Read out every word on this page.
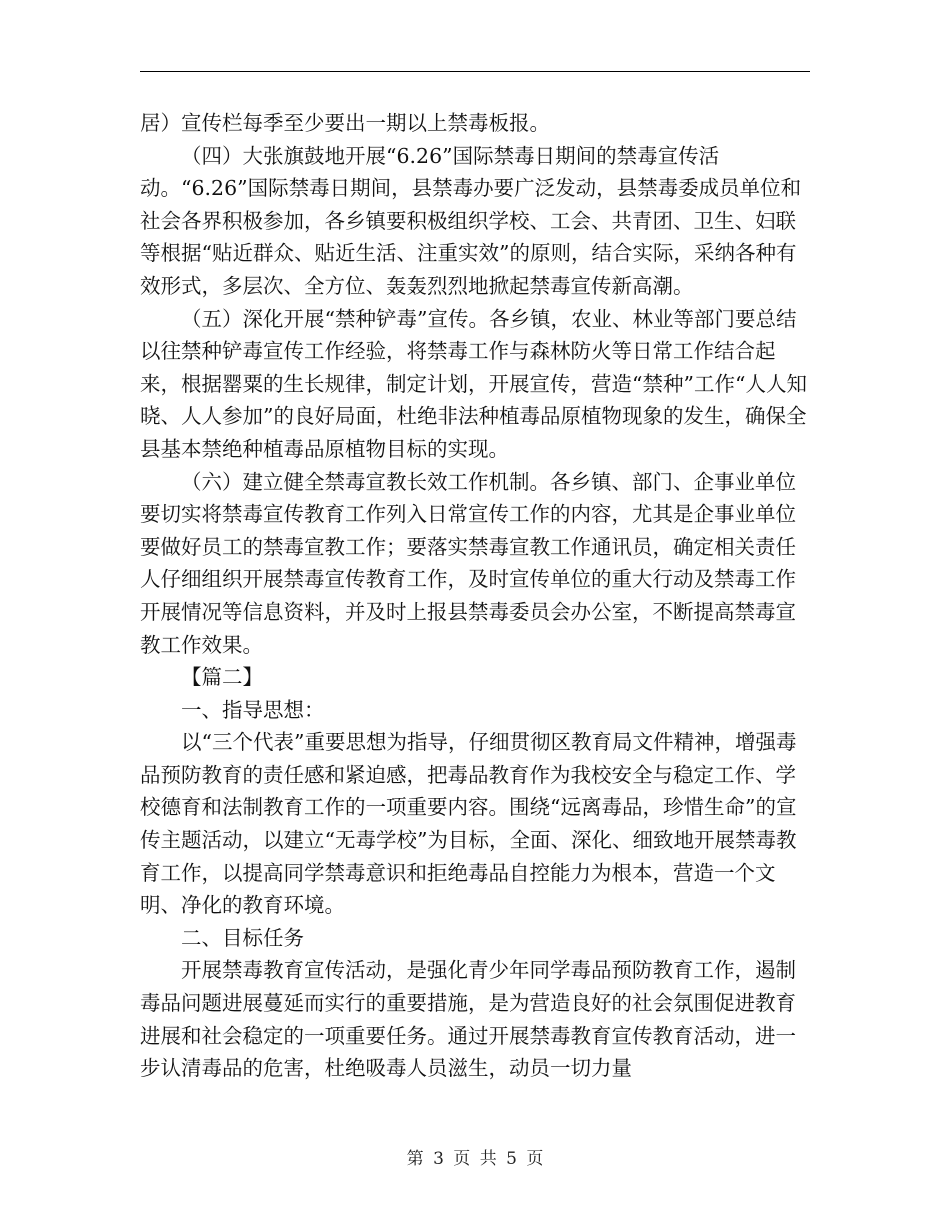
居）宣传栏每季至少要出一期以上禁毒板报。

（四）大张旗鼓地开展“6.26”国际禁毒日期间的禁毒宣传活动。“6.26”国际禁毒日期间，县禁毒办要广泛发动，县禁毒委成员单位和社会各界积极参加，各乡镇要积极组织学校、工会、共青团、卫生、妇联等根据“贴近群众、贴近生活、注重实效”的原则，结合实际，采纳各种有效形式，多层次、全方位、轰轰烈烈地掀起禁毒宣传新高潮。

（五）深化开展“禁种铲毒”宣传。各乡镇，农业、林业等部门要总结以往禁种铲毒宣传工作经验，将禁毒工作与森林防火等日常工作结合起来，根据罂粟的生长规律，制定计划，开展宣传，营造“禁种”工作“人人知晓、人人参加”的良好局面，杜绝非法种植毒品原植物现象的发生，确保全县基本禁绝种植毒品原植物目标的实现。

（六）建立健全禁毒宣教长效工作机制。各乡镇、部门、企事业单位要切实将禁毒宣传教育工作列入日常宣传工作的内容，尤其是企事业单位要做好员工的禁毒宣教工作；要落实禁毒宣教工作通讯员，确定相关责任人仔细组织开展禁毒宣传教育工作，及时宣传单位的重大行动及禁毒工作开展情况等信息资料，并及时上报县禁毒委员会办公室，不断提高禁毒宣教工作效果。

【篇二】

一、指导思想：

以“三个代表”重要思想为指导，仔细贯彻区教育局文件精神，增强毒品预防教育的责任感和紧迫感，把毒品教育作为我校安全与稳定工作、学校德育和法制教育工作的一项重要内容。围绕“远离毒品，珍惜生命”的宣传主题活动，以建立“无毒学校”为目标，全面、深化、细致地开展禁毒教育工作，以提高同学禁毒意识和拒绝毒品自控能力为根本，营造一个文明、净化的教育环境。

二、目标任务

开展禁毒教育宣传活动，是强化青少年同学毒品预防教育工作，遏制毒品问题进展蔓延而实行的重要措施，是为营造良好的社会氛围促进教育进展和社会稳定的一项重要任务。通过开展禁毒教育宣传教育活动，进一步认清毒品的危害，杜绝吸毒人员滋生，动员一切力量

第 3 页 共 5 页
